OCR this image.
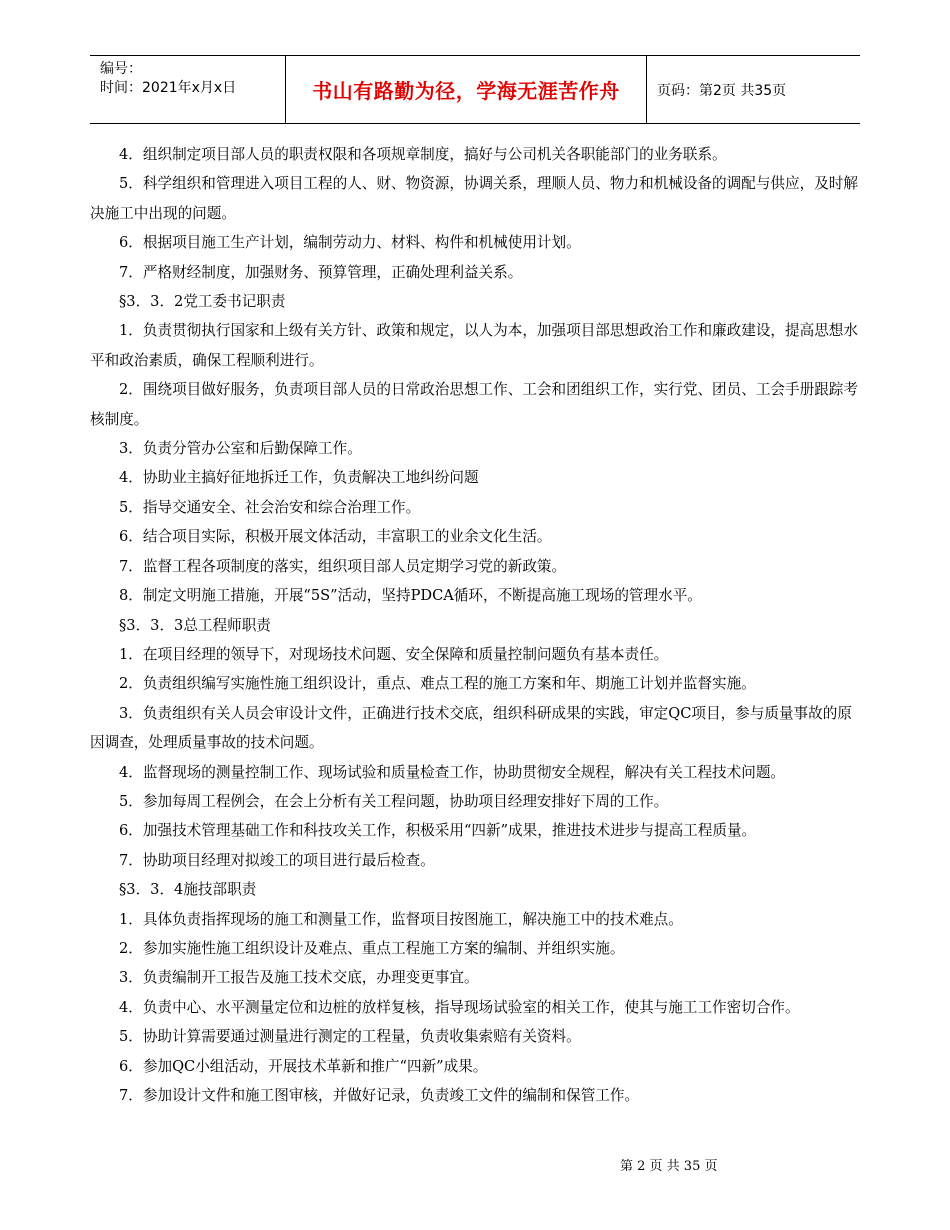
编号：
时间：2021年x月x日	书山有路勤为径，学海无涯苦作舟	页码：第2页 共35页

4．组织制定项目部人员的职责权限和各项规章制度，搞好与公司机关各职能部门的业务联系。

5．科学组织和管理进入项目工程的人、财、物资源，协调关系，理顺人员、物力和机械设备的调配与供应，及时解决施工中出现的问题。

6．根据项目施工生产计划，编制劳动力、材料、构件和机械使用计划。

7．严格财经制度，加强财务、预算管理，正确处理利益关系。

§3．3．2党工委书记职责

1．负责贯彻执行国家和上级有关方针、政策和规定，以人为本，加强项目部思想政治工作和廉政建设，提高思想水平和政治素质，确保工程顺利进行。

2．围绕项目做好服务，负责项目部人员的日常政治思想工作、工会和团组织工作，实行党、团员、工会手册跟踪考核制度。

3．负责分管办公室和后勤保障工作。

4．协助业主搞好征地拆迁工作，负责解决工地纠纷问题

5．指导交通安全、社会治安和综合治理工作。

6．结合项目实际，积极开展文体活动，丰富职工的业余文化生活。

7．监督工程各项制度的落实，组织项目部人员定期学习党的新政策。

8．制定文明施工措施，开展“5S”活动，坚持PDCA循环，不断提高施工现场的管理水平。

§3．3．3总工程师职责

1．在项目经理的领导下，对现场技术问题、安全保障和质量控制问题负有基本责任。

2．负责组织编写实施性施工组织设计，重点、难点工程的施工方案和年、期施工计划并监督实施。

3．负责组织有关人员会审设计文件，正确进行技术交底，组织科研成果的实践，审定QC项目，参与质量事故的原因调查，处理质量事故的技术问题。

4．监督现场的测量控制工作、现场试验和质量检查工作，协助贯彻安全规程，解决有关工程技术问题。

5．参加每周工程例会，在会上分析有关工程问题，协助项目经理安排好下周的工作。

6．加强技术管理基础工作和科技攻关工作，积极采用“四新”成果，推进技术进步与提高工程质量。

7．协助项目经理对拟竣工的项目进行最后检查。

§3．3．4施技部职责

1．具体负责指挥现场的施工和测量工作，监督项目按图施工，解决施工中的技术难点。

2．参加实施性施工组织设计及难点、重点工程施工方案的编制、并组织实施。

3．负责编制开工报告及施工技术交底，办理变更事宜。

4．负责中心、水平测量定位和边桩的放样复核，指导现场试验室的相关工作，使其与施工工作密切合作。

5．协助计算需要通过测量进行测定的工程量，负责收集索赔有关资料。

6．参加QC小组活动，开展技术革新和推广“四新”成果。

7．参加设计文件和施工图审核，并做好记录，负责竣工文件的编制和保管工作。

第 2 页 共 35 页
